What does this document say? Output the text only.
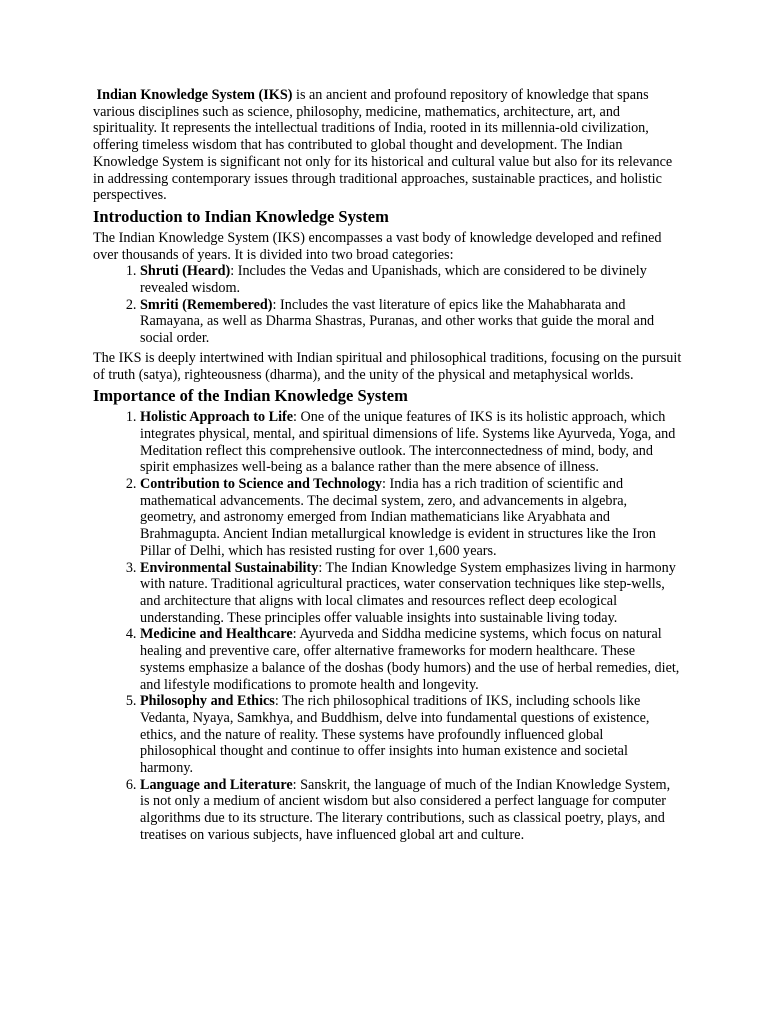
Indian Knowledge System (IKS) is an ancient and profound repository of knowledge that spans various disciplines such as science, philosophy, medicine, mathematics, architecture, art, and spirituality. It represents the intellectual traditions of India, rooted in its millennia-old civilization, offering timeless wisdom that has contributed to global thought and development. The Indian Knowledge System is significant not only for its historical and cultural value but also for its relevance in addressing contemporary issues through traditional approaches, sustainable practices, and holistic perspectives.

Introduction to Indian Knowledge System

The Indian Knowledge System (IKS) encompasses a vast body of knowledge developed and refined over thousands of years. It is divided into two broad categories:

1. Shruti (Heard): Includes the Vedas and Upanishads, which are considered to be divinely revealed wisdom.
2. Smriti (Remembered): Includes the vast literature of epics like the Mahabharata and Ramayana, as well as Dharma Shastras, Puranas, and other works that guide the moral and social order.

The IKS is deeply intertwined with Indian spiritual and philosophical traditions, focusing on the pursuit of truth (satya), righteousness (dharma), and the unity of the physical and metaphysical worlds.

Importance of the Indian Knowledge System
1. Holistic Approach to Life: One of the unique features of IKS is its holistic approach, which integrates physical, mental, and spiritual dimensions of life. Systems like Ayurveda, Yoga, and Meditation reflect this comprehensive outlook. The interconnectedness of mind, body, and spirit emphasizes well-being as a balance rather than the mere absence of illness.
2. Contribution to Science and Technology: India has a rich tradition of scientific and mathematical advancements. The decimal system, zero, and advancements in algebra, geometry, and astronomy emerged from Indian mathematicians like Aryabhata and Brahmagupta. Ancient Indian metallurgical knowledge is evident in structures like the Iron Pillar of Delhi, which has resisted rusting for over 1,600 years.
3. Environmental Sustainability: The Indian Knowledge System emphasizes living in harmony with nature. Traditional agricultural practices, water conservation techniques like step-wells, and architecture that aligns with local climates and resources reflect deep ecological understanding. These principles offer valuable insights into sustainable living today.
4. Medicine and Healthcare: Ayurveda and Siddha medicine systems, which focus on natural healing and preventive care, offer alternative frameworks for modern healthcare. These systems emphasize a balance of the doshas (body humors) and the use of herbal remedies, diet, and lifestyle modifications to promote health and longevity.
5. Philosophy and Ethics: The rich philosophical traditions of IKS, including schools like Vedanta, Nyaya, Samkhya, and Buddhism, delve into fundamental questions of existence, ethics, and the nature of reality. These systems have profoundly influenced global philosophical thought and continue to offer insights into human existence and societal harmony.
6. Language and Literature: Sanskrit, the language of much of the Indian Knowledge System, is not only a medium of ancient wisdom but also considered a perfect language for computer algorithms due to its structure. The literary contributions, such as classical poetry, plays, and treatises on various subjects, have influenced global art and culture.
